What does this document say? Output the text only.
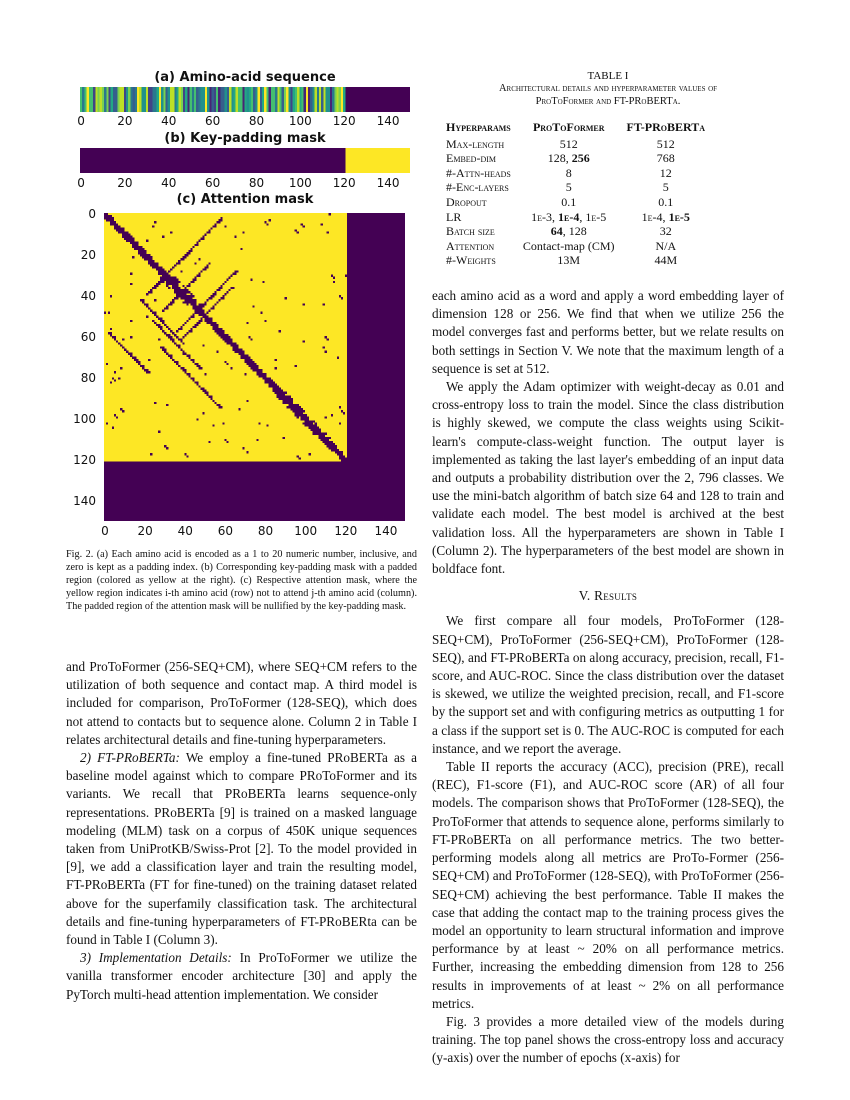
(a) Amino-acid sequence
0	20 40 60 80 100 120 140
(b) Key-padding mask
0	20 40 60 80 100 120 140
(c) Attention mask
0
20
40
60
80
100
120
140
0 20 40 60 80 100 120 140
Fig. 2. (a) Each amino acid is encoded as a 1 to 20 numeric number, inclusive, and zero is kept as a padding index. (b) Corresponding key-padding mask with a padded region (colored as yellow at the right). (c) Respective attention mask, where the yellow region indicates i-th amino acid (row) not to attend j-th amino acid (column). The padded region of the attention mask will be nullified by the key-padding mask.

and ProToFormer (256-SEQ+CM), where SEQ+CM refers to the utilization of both sequence and contact map. A third model is included for comparison, ProToFormer (128-SEQ), which does not attend to contacts but to sequence alone. Column 2 in Table I relates architectural details and fine-tuning hyperparameters.

2) FT-PRoBERTa: We employ a fine-tuned PRoBERTa as a baseline model against which to compare PRoToFormer and its variants. We recall that PRoBERTa learns sequence-only representations. PRoBERTa [9] is trained on a masked language modeling (MLM) task on a corpus of 450K unique sequences taken from UniProtKB/Swiss-Prot [2]. To the model provided in [9], we add a classification layer and train the resulting model, FT-PRoBERTa (FT for fine-tuned) on the training dataset related above for the superfamily classification task. The architectural details and fine-tuning hyperparameters of FT-PRoBERta can be found in Table I (Column 3).

3) Implementation Details: In ProToFormer we utilize the vanilla transformer encoder architecture [30] and apply the PyTorch multi-head attention implementation. We consider

TABLE I
Architectural details and hyperparameter values of
ProToFormer and FT-PRoBERTa.
Hyperparams	ProToFormer	FT-PRoBERTa
Max-length	512	512
Embed-dim	128, 256	768
#-Attn-heads	8	12
#-Enc-layers	5	5
Dropout	0.1	0.1
LR	1e-3, 1e-4, 1e-5	1e-4, 1e-5
Batch size	64, 128	32
Attention	Contact-map (CM)	N/A
#-Weights	13M	44M

each amino acid as a word and apply a word embedding layer of dimension 128 or 256. We find that when we utilize 256 the model converges fast and performs better, but we relate results on both settings in Section V. We note that the maximum length of a sequence is set at 512.

We apply the Adam optimizer with weight-decay as 0.01 and cross-entropy loss to train the model. Since the class distribution is highly skewed, we compute the class weights using Scikit-learn's compute-class-weight function. The output layer is implemented as taking the last layer's embedding of an input data and outputs a probability distribution over the 2, 796 classes. We use the mini-batch algorithm of batch size 64 and 128 to train and validate each model. The best model is archived at the best validation loss. All the hyperparameters are shown in Table I (Column 2). The hyperparameters of the best model are shown in boldface font.

V. Results

We first compare all four models, ProToFormer (128-SEQ+CM), ProToFormer (256-SEQ+CM), ProToFormer (128-SEQ), and FT-PRoBERTa on along accuracy, precision, recall, F1-score, and AUC-ROC. Since the class distribution over the dataset is skewed, we utilize the weighted precision, recall, and F1-score by the support set and with configuring metrics as outputting 1 for a class if the support set is 0. The AUC-ROC is computed for each instance, and we report the average.

Table II reports the accuracy (ACC), precision (PRE), recall (REC), F1-score (F1), and AUC-ROC score (AR) of all four models. The comparison shows that ProToFormer (128-SEQ), the ProToFormer that attends to sequence alone, performs similarly to FT-PRoBERTa on all performance metrics. The two better-performing models along all metrics are ProTo-Former (256-SEQ+CM) and ProToFormer (128-SEQ), with ProToFormer (256-SEQ+CM) achieving the best performance. Table II makes the case that adding the contact map to the training process gives the model an opportunity to learn structural information and improve performance by at least ~ 20% on all performance metrics. Further, increasing the embedding dimension from 128 to 256 results in improvements of at least ~ 2% on all performance metrics.

Fig. 3 provides a more detailed view of the models during training. The top panel shows the cross-entropy loss and accuracy (y-axis) over the number of epochs (x-axis) for
